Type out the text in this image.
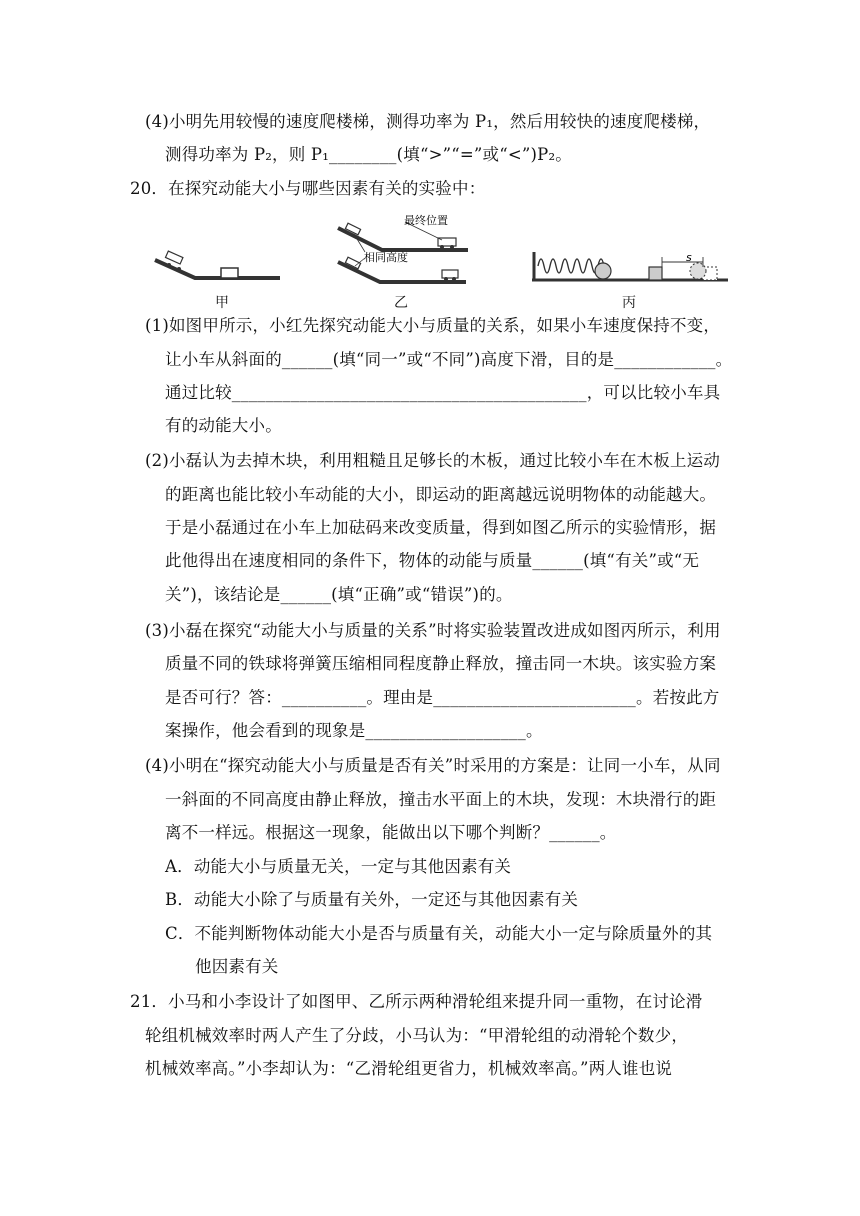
(4)小明先用较慢的速度爬楼梯，测得功率为 P₁，然后用较快的速度爬楼梯，
测得功率为 P₂，则 P₁________(填“>”“=”或“<”)P₂。
20．在探究动能大小与哪些因素有关的实验中：
最终位置
相同高度	s
甲	乙	丙
(1)如图甲所示，小红先探究动能大小与质量的关系，如果小车速度保持不变，
让小车从斜面的______(填“同一”或“不同”)高度下滑，目的是____________。
通过比较__________________________________________，可以比较小车具
有的动能大小。
(2)小磊认为去掉木块，利用粗糙且足够长的木板，通过比较小车在木板上运动
的距离也能比较小车动能的大小，即运动的距离越远说明物体的动能越大。
于是小磊通过在小车上加砝码来改变质量，得到如图乙所示的实验情形，据
此他得出在速度相同的条件下，物体的动能与质量______(填“有关”或“无
关”)，该结论是______(填“正确”或“错误”)的。
(3)小磊在探究“动能大小与质量的关系”时将实验装置改进成如图丙所示，利用
质量不同的铁球将弹簧压缩相同程度静止释放，撞击同一木块。该实验方案
是否可行？答：__________。理由是________________________。若按此方
案操作，他会看到的现象是___________________。
(4)小明在“探究动能大小与质量是否有关”时采用的方案是：让同一小车，从同
一斜面的不同高度由静止释放，撞击水平面上的木块，发现：木块滑行的距
离不一样远。根据这一现象，能做出以下哪个判断？______。
A．动能大小与质量无关，一定与其他因素有关
B．动能大小除了与质量有关外，一定还与其他因素有关
C．不能判断物体动能大小是否与质量有关，动能大小一定与除质量外的其
他因素有关
21．小马和小李设计了如图甲、乙所示两种滑轮组来提升同一重物，在讨论滑
轮组机械效率时两人产生了分歧，小马认为：“甲滑轮组的动滑轮个数少，
机械效率高。”小李却认为：“乙滑轮组更省力，机械效率高。”两人谁也说
